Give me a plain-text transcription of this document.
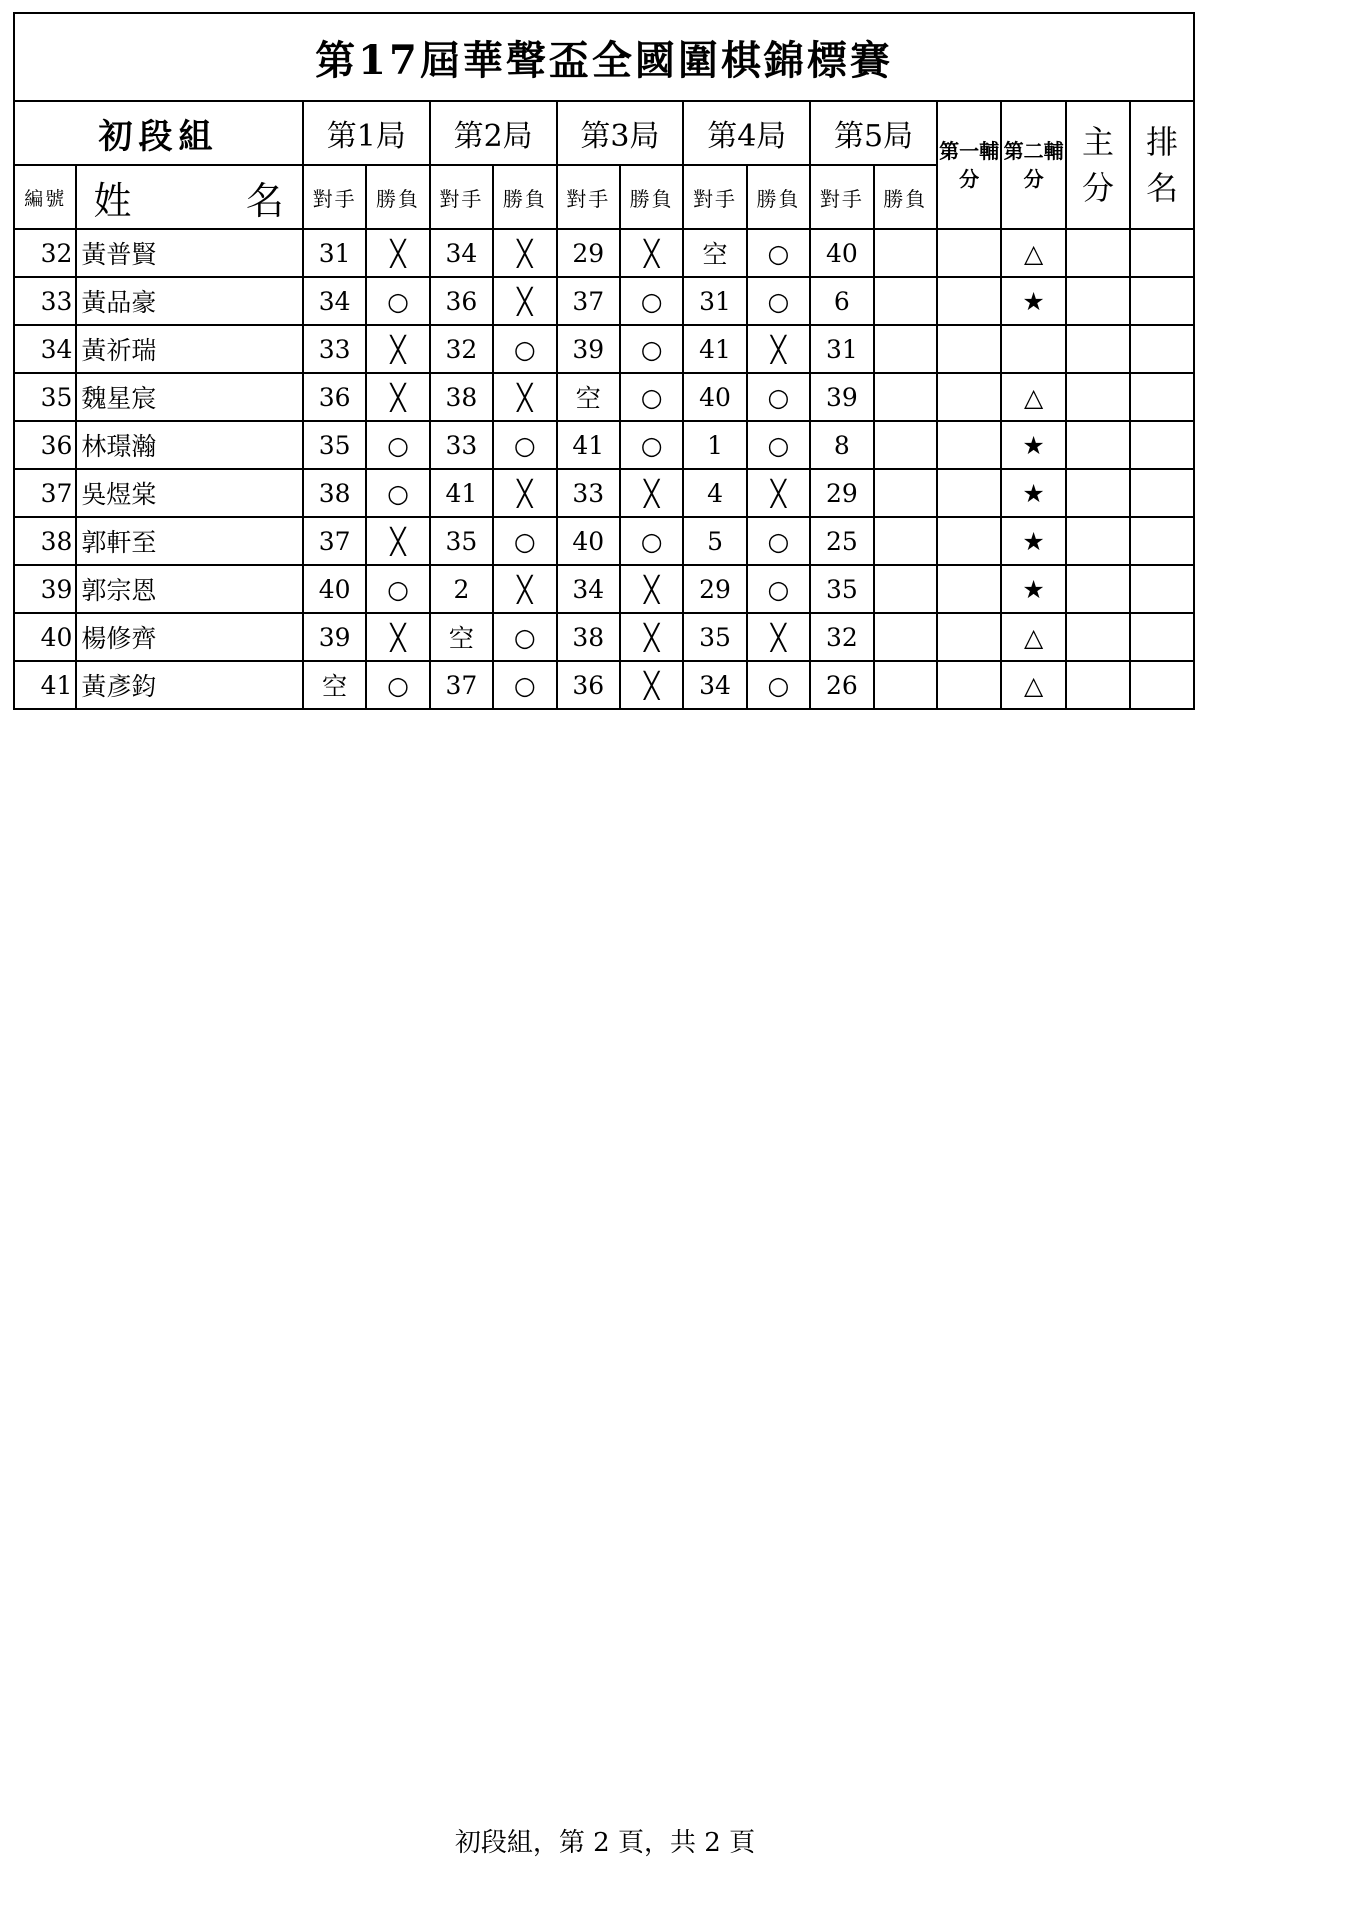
第17屆華聲盃全國圍棋錦標賽															
初段組		第1局		第2局		第3局		第4局		第5局		第一輔分	第二輔分	主分	排名
編號	姓 名	對手	勝負	對手	勝負	對手	勝負	對手	勝負	對手	勝負				
32	黃普賢	31	╳	34	╳	29	╳	空	○	40			△		
33	黃品豪	34	○	36	╳	37	○	31	○	6			★		
34	黃祈瑞	33	╳	32	○	39	○	41	╳	31					
35	魏星宸	36	╳	38	╳	空	○	40	○	39			△		
36	林璟瀚	35	○	33	○	41	○	1	○	8			★		
37	吳煜棠	38	○	41	╳	33	╳	4	╳	29			★		
38	郭軒至	37	╳	35	○	40	○	5	○	25			★		
39	郭宗恩	40	○	2	╳	34	╳	29	○	35			★		
40	楊修齊	39	╳	空	○	38	╳	35	╳	32			△		
41	黃彥鈞	空	○	37	○	36	╳	34	○	26			△		
初段組，第 2 頁，共 2 頁
